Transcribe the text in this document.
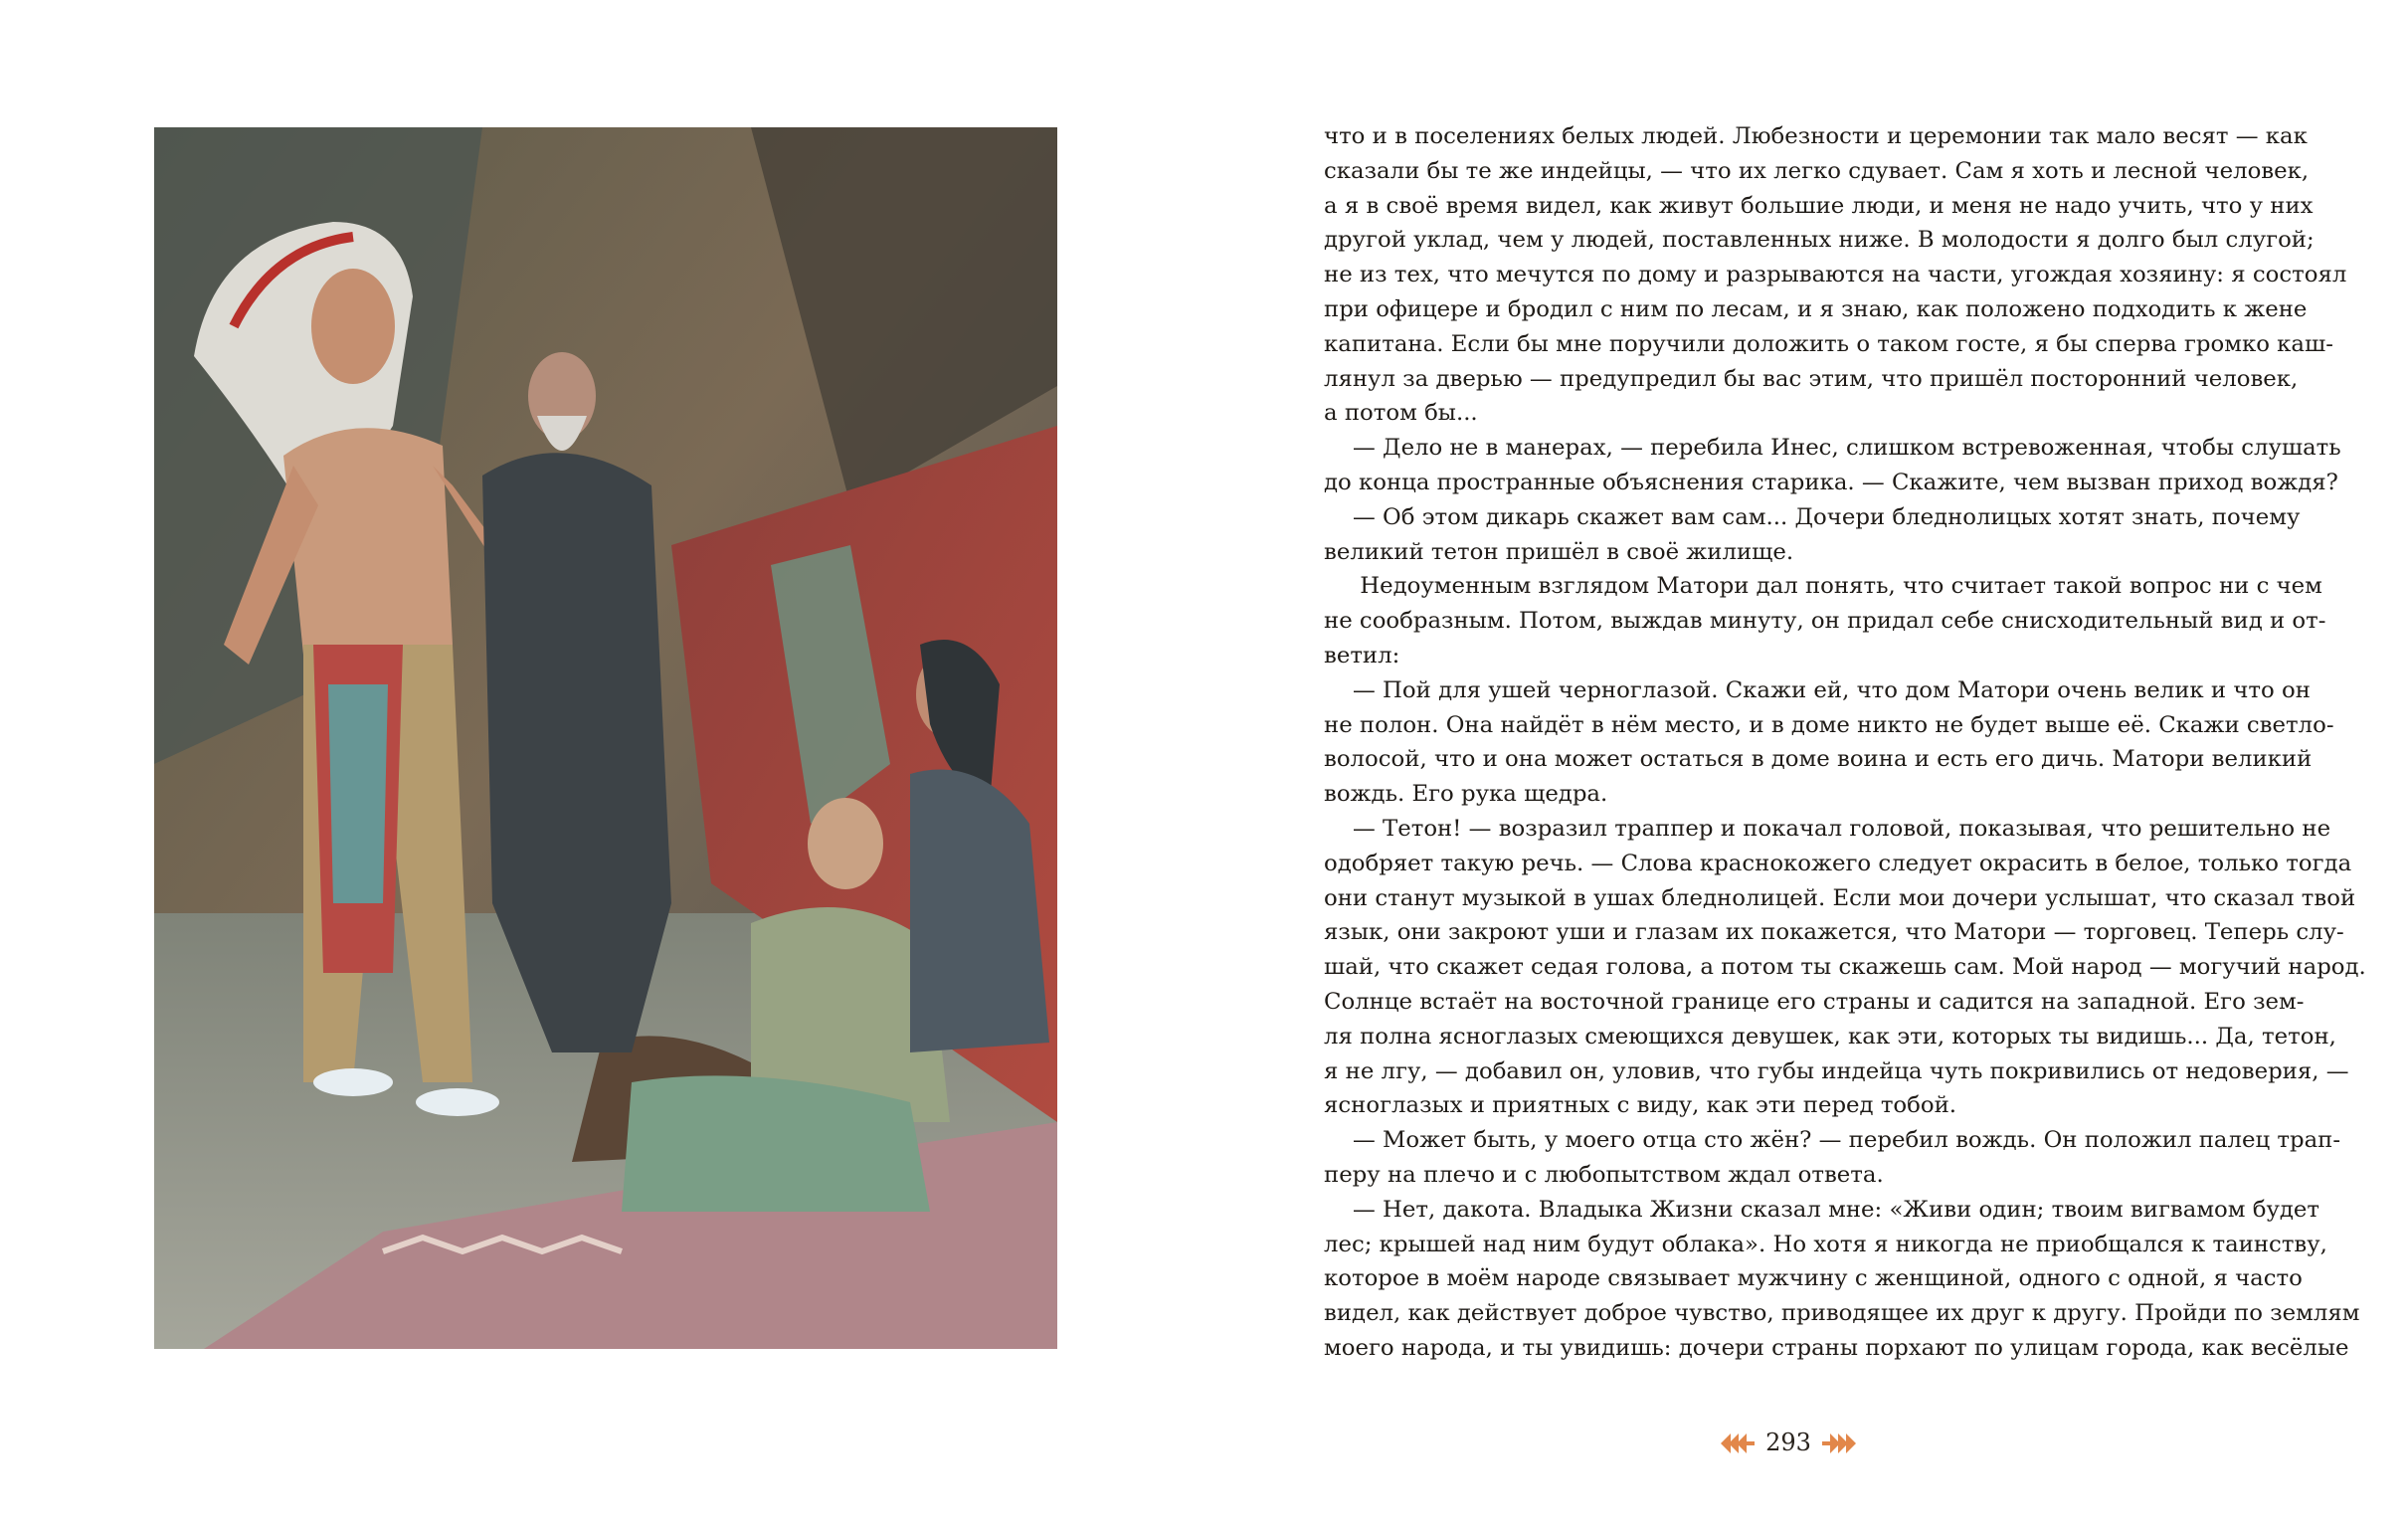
что и в поселениях белых людей. Любезности и церемонии так мало весят — как
сказали бы те же индейцы, — что их легко сдувает. Сам я хоть и лесной человек,
а я в своё время видел, как живут большие люди, и меня не надо учить, что у них
другой уклад, чем у людей, поставленных ниже. В молодости я долго был слугой;
не из тех, что мечутся по дому и разрываются на части, угождая хозяину: я состоял
при офицере и бродил с ним по лесам, и я знаю, как положено подходить к жене
капитана. Если бы мне поручили доложить о таком госте, я бы сперва громко каш-
лянул за дверью — предупредил бы вас этим, что пришёл посторонний человек,
а потом бы...
— Дело не в манерах, — перебила Инес, слишком встревоженная, чтобы слушать
до конца пространные объяснения старика. — Скажите, чем вызван приход вождя?
— Об этом дикарь скажет вам сам... Дочери бледнолицых хотят знать, почему
великий тетон пришёл в своё жилище.
Недоуменным взглядом Матори дал понять, что считает такой вопрос ни с чем
не сообразным. Потом, выждав минуту, он придал себе снисходительный вид и от-
ветил:
— Пой для ушей черноглазой. Скажи ей, что дом Матори очень велик и что он
не полон. Она найдёт в нём место, и в доме никто не будет выше её. Скажи светло-
волосой, что и она может остаться в доме воина и есть его дичь. Матори великий
вождь. Его рука щедра.
— Тетон! — возразил траппер и покачал головой, показывая, что решительно не
одобряет такую речь. — Слова краснокожего следует окрасить в белое, только тогда
они станут музыкой в ушах бледнолицей. Если мои дочери услышат, что сказал твой
язык, они закроют уши и глазам их покажется, что Матори — торговец. Теперь слу-
шай, что скажет седая голова, а потом ты скажешь сам. Мой народ — могучий народ.
Солнце встаёт на восточной границе его страны и садится на западной. Его зем-
ля полна ясноглазых смеющихся девушек, как эти, которых ты видишь... Да, тетон,
я не лгу, — добавил он, уловив, что губы индейца чуть покривились от недоверия, —
ясноглазых и приятных с виду, как эти перед тобой.
— Может быть, у моего отца сто жён? — перебил вождь. Он положил палец трап-
перу на плечо и с любопытством ждал ответа.
— Нет, дакота. Владыка Жизни сказал мне: «Живи один; твоим вигвамом будет
лес; крышей над ним будут облака». Но хотя я никогда не приобщался к таинству,
которое в моём народе связывает мужчину с женщиной, одного с одной, я часто
видел, как действует доброе чувство, приводящее их друг к другу. Пройди по землям
моего народа, и ты увидишь: дочери страны порхают по улицам города, как весёлые
293
